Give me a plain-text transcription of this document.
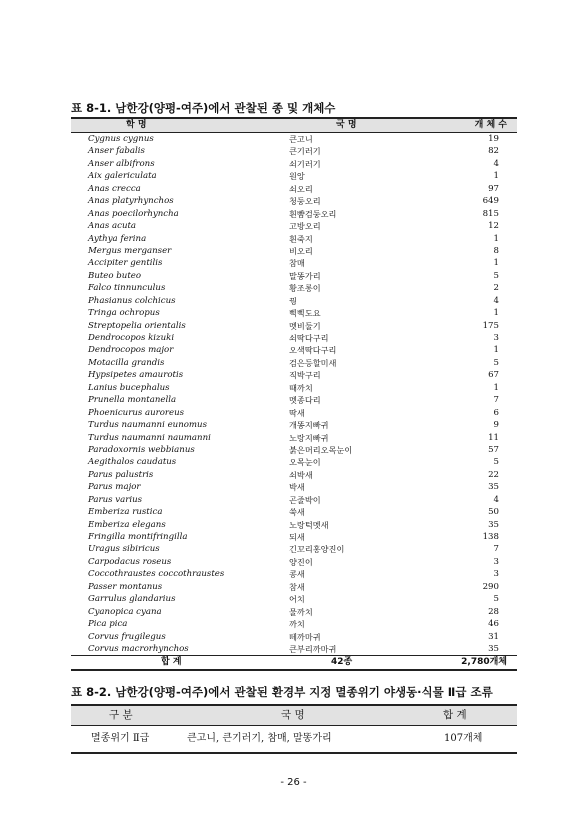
표 8-1. 남한강(양평-여주)에서 관찰된 종 및 개체수
학 명	국 명	개 체 수
Cygnus cygnus	큰고니	19
Anser fabalis	큰기러기	82
Anser albifrons	쇠기러기	4
Aix galericulata	원앙	1
Anas crecca	쇠오리	97
Anas platyrhynchos	청둥오리	649
Anas poecilorhyncha	흰뺨검둥오리	815
Anas acuta	고방오리	12
Aythya ferina	흰죽지	1
Mergus merganser	비오리	8
Accipiter gentilis	참매	1
Buteo buteo	말똥가리	5
Falco tinnunculus	황조롱이	2
Phasianus colchicus	꿩	4
Tringa ochropus	삑삑도요	1
Streptopelia orientalis	멧비둘기	175
Dendrocopos kizuki	쇠딱다구리	3
Dendrocopos major	오색딱다구리	1
Motacilla grandis	검은등할미새	5
Hypsipetes amaurotis	직박구리	67
Lanius bucephalus	때까치	1
Prunella montanella	멧종다리	7
Phoenicurus auroreus	딱새	6
Turdus naumanni eunomus	개똥지빠귀	9
Turdus naumanni naumanni	노랑지빠귀	11
Paradoxornis webbianus	붉은머리오목눈이	57
Aegithalos caudatus	오목눈이	5
Parus palustris	쇠박새	22
Parus major	박새	35
Parus varius	곤줄박이	4
Emberiza rustica	쑥새	50
Emberiza elegans	노랑턱멧새	35
Fringilla montifringilla	되새	138
Uragus sibiricus	긴꼬리홍양진이	7
Carpodacus roseus	양진이	3
Coccothraustes coccothraustes	콩새	3
Passer montanus	참새	290
Garrulus glandarius	어치	5
Cyanopica cyana	물까치	28
Pica pica	까치	46
Corvus frugilegus	떼까마귀	31
Corvus macrorhynchos	큰부리까마귀	35
합 계	42종	2,780개체
표 8-2. 남한강(양평-여주)에서 관찰된 환경부 지정 멸종위기 야생동·식물 Ⅱ급 조류
구 분	국 명	합 계
멸종위기 Ⅱ급	큰고니, 큰기러기, 참매, 말똥가리	107개체
- 26 -
